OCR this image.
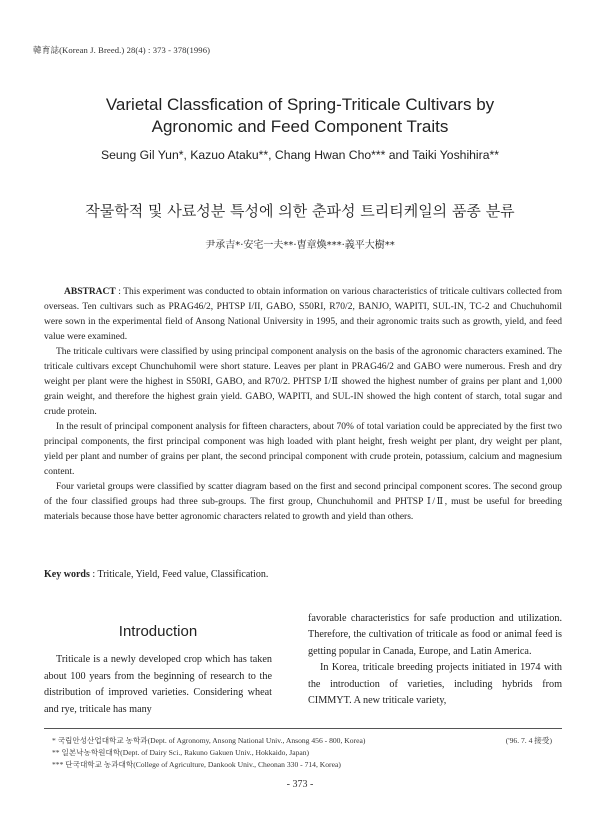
韓育誌(Korean J. Breed.) 28(4) : 373 - 378(1996)
Varietal Classfication of Spring-Triticale Cultivars by
Agronomic and Feed Component Traits
Seung Gil Yun*, Kazuo Ataku**, Chang Hwan Cho*** and Taiki Yoshihira**
작물학적 및 사료성분 특성에 의한 춘파성 트리티케일의 품종 분류
尹承吉*·安宅一夫**·曺章煥***·義平大樹**

ABSTRACT : This experiment was conducted to obtain information on various characteristics of triticale cultivars collected from overseas. Ten cultivars such as PRAG46/2, PHTSP I/II, GABO, S50RI, R70/2, BANJO, WAPITI, SUL-IN, TC-2 and Chuchuhomil were sown in the experimental field of Ansong National University in 1995, and their agronomic traits such as growth, yield, and feed value were examined.

The triticale cultivars were classified by using principal component analysis on the basis of the agronomic characters examined. The triticale cultivars except Chunchuhomil were short stature. Leaves per plant in PRAG46/2 and GABO were numerous. Fresh and dry weight per plant were the highest in S50RI, GABO, and R70/2. PHTSP Ⅰ/Ⅱ showed the highest number of grains per plant and 1,000 grain weight, and therefore the highest grain yield. GABO, WAPITI, and SUL-IN showed the high content of starch, total sugar and crude protein.

In the result of principal component analysis for fifteen characters, about 70% of total variation could be appreciated by the first two principal components, the first principal component was high loaded with plant height, fresh weight per plant, dry weight per plant, yield per plant and number of grains per plant, the second principal component with crude protein, potassium, calcium and magnesium content.

Four varietal groups were classified by scatter diagram based on the first and second principal component scores. The second group of the four classified groups had three sub-groups. The first group, Chunchuhomil and PHTSP Ⅰ/Ⅱ, must be useful for breeding materials because those have better agronomic characters related to growth and yield than others.

Key words : Triticale, Yield, Feed value, Classification.
Introduction

Triticale is a newly developed crop which has taken about 100 years from the beginning of research to the distribution of improved varieties. Considering wheat and rye, triticale has many

favorable characteristics for safe production and utilization. Therefore, the cultivation of triticale as food or animal feed is getting popular in Canada, Europe, and Latin America.

In Korea, triticale breeding projects initiated in 1974 with the introduction of varieties, including hybrids from CIMMYT. A new triticale variety,

* 국립안성산업대학교 농학과(Dept. of Agronomy, Ansong National Univ., Ansong 456 - 800, Korea)	('96. 7. 4 接受)
** 일본낙농학원대학(Dept. of Dairy Sci., Rakuno Gakuen Univ., Hokkaido, Japan)
*** 단국대학교 농과대학(College of Agriculture, Dankook Univ., Cheonan 330 - 714, Korea)
- 373 -
